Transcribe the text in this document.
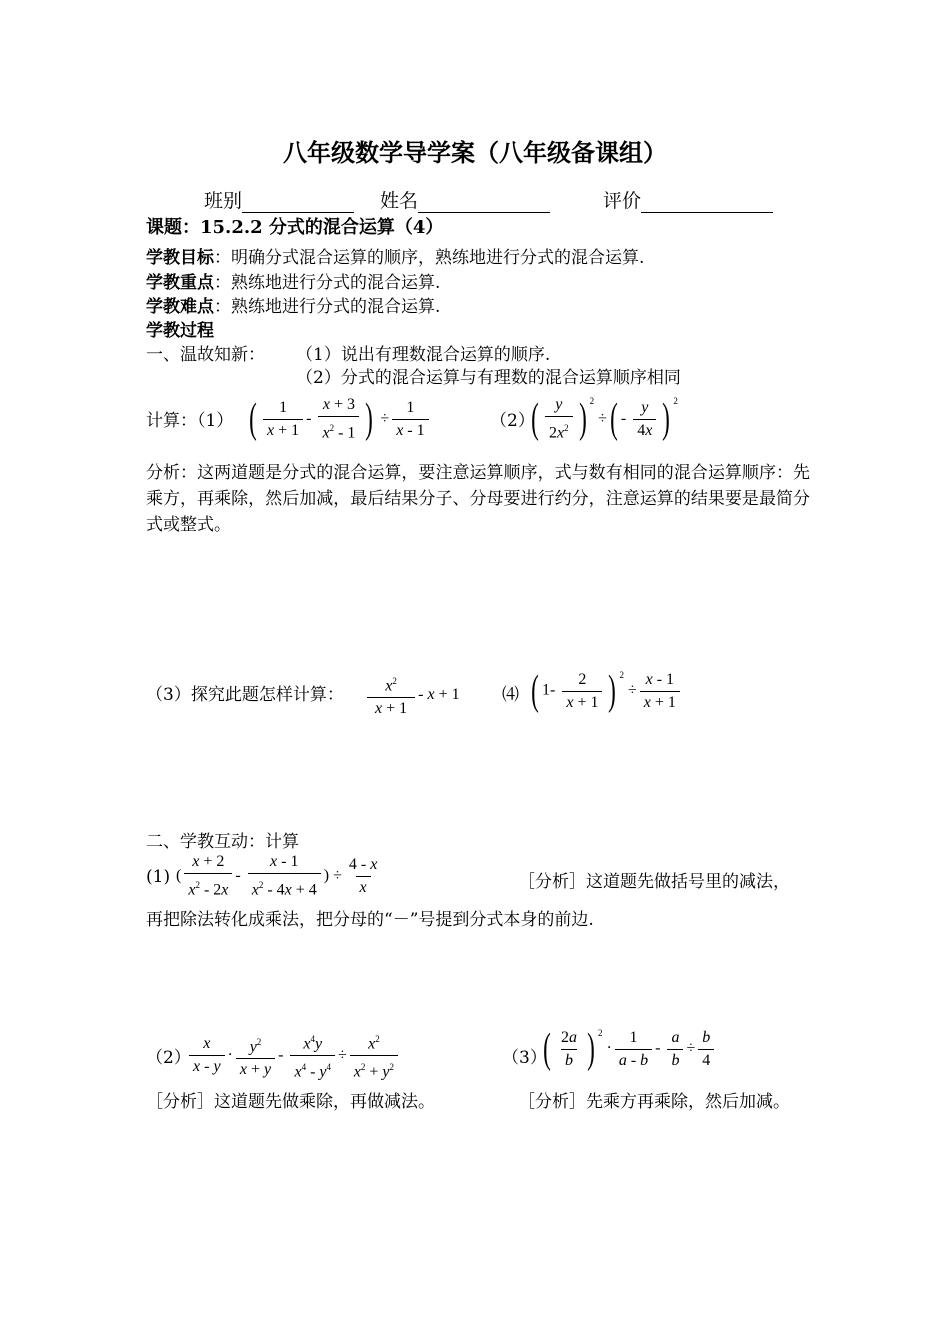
八年级数学导学案（八年级备课组）
班别	姓名	评价
课题：15.2.2 分式的混合运算（4）
学教目标：明确分式混合运算的顺序，熟练地进行分式的混合运算.
学教重点：熟练地进行分式的混合运算.
学教难点：熟练地进行分式的混合运算.
学教过程
一、温故知新： （1）说出有理数混合运算的顺序.
（2）分式的混合运算与有理数的混合运算顺序相同
计算：（1） ( $\frac{1}{x + 1} - \frac{x + 3}{x^2 - 1}$ ) ÷ $\frac{1}{x - 1}$	（2）
( $\frac{y}{2x^2}$ ) $^2$ ÷( - $\frac{y}{4x}$ ) $^2$
分析：这两道题是分式的混合运算，要注意运算顺序，式与数有相同的混合运算顺序：先乘方，再乘除，然后加减，最后结果分子、分母要进行约分，注意运算的结果要是最简分式或整式。
（3）探究此题怎样计算： $\frac{x^2}{x + 1} - x + 1$ ⑷ ( $1- \frac{2}{x + 1}$ ) $^2 \div \frac{x - 1}{x + 1}$
二、学教互动：计算
(1) ( $\frac{x + 2}{x^2 - 2x} - \frac{x - 1}{x^2 - 4x + 4}$ ) ÷ $\frac{4 - x}{x}$	［分析］这道题先做括号里的减法，
再把除法转化成乘法，把分母的“－”号提到分式本身的前边.
（2）
$\frac{x}{x - y} \cdot \frac{y^2}{x + y} - \frac{x^4y}{x^4 - y^4} \div \frac{x^2}{x^2 + y^2}$	（3）
( $\frac{2a}{b}$ ) $^2 \cdot \frac{1}{a - b} - \frac{a}{b} \div \frac{b}{4}$
［分析］这道题先做乘除，再做减法。	［分析］先乘方再乘除，然后加减。
